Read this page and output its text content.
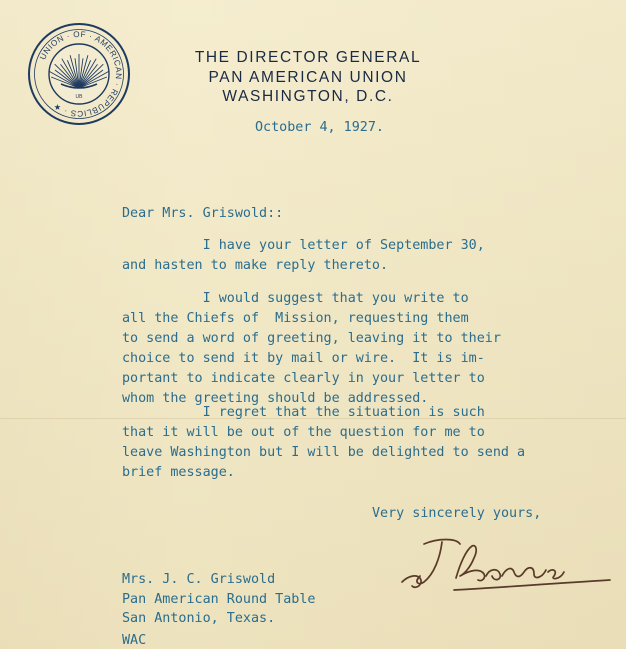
UNION · OF · AMERICAN · REPUBLICS · ★
UB
THE DIRECTOR GENERAL
PAN AMERICAN UNION
WASHINGTON, D.C.
October 4, 1927.
Dear Mrs. Griswold::
I have your letter of September 30,
and hasten to make reply thereto.
I would suggest that you write to
all the Chiefs of  Mission, requesting them
to send a word of greeting, leaving it to their
choice to send it by mail or wire.  It is im-
portant to indicate clearly in your letter to
whom the greeting should be addressed.
I regret that the situation is such
that it will be out of the question for me to
leave Washington but I will be delighted to send a
brief message.
Very sincerely yours,
Mrs. J. C. Griswold
Pan American Round Table
San Antonio, Texas.
WAC
